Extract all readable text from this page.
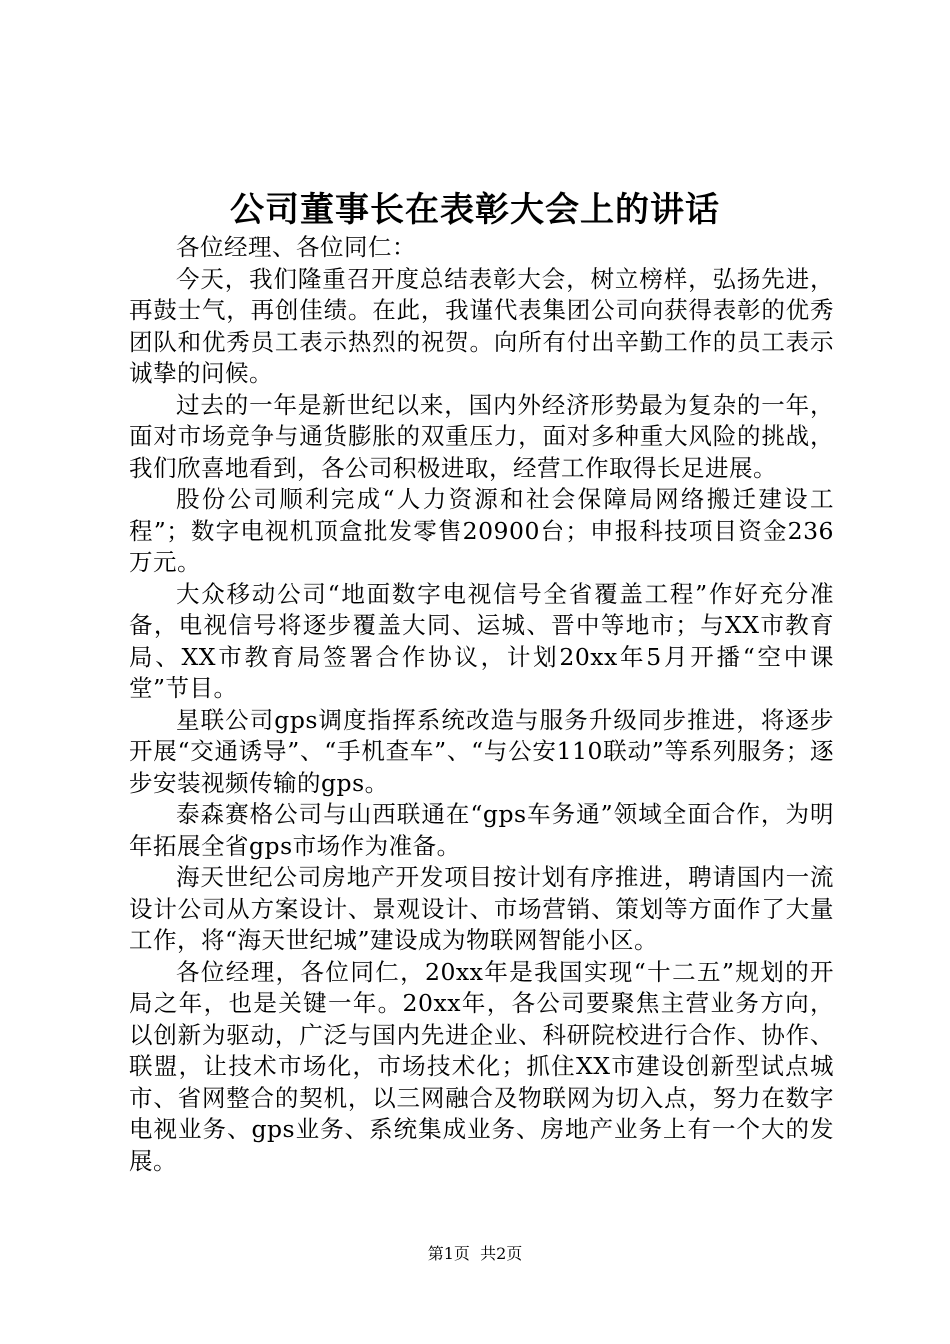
公司董事长在表彰大会上的讲话

各位经理、各位同仁：

今天，我们隆重召开度总结表彰大会，树立榜样，弘扬先进，再鼓士气，再创佳绩。在此，我谨代表集团公司向获得表彰的优秀团队和优秀员工表示热烈的祝贺。向所有付出辛勤工作的员工表示诚挚的问候。

过去的一年是新世纪以来，国内外经济形势最为复杂的一年，面对市场竞争与通货膨胀的双重压力，面对多种重大风险的挑战，我们欣喜地看到，各公司积极进取，经营工作取得长足进展。

股份公司顺利完成“人力资源和社会保障局网络搬迁建设工程”；数字电视机顶盒批发零售20900台；申报科技项目资金236万元。

大众移动公司“地面数字电视信号全省覆盖工程”作好充分准备，电视信号将逐步覆盖大同、运城、晋中等地市；与XX市教育局、XX市教育局签署合作协议，计划20xx年5月开播“空中课堂”节目。

星联公司gps调度指挥系统改造与服务升级同步推进，将逐步开展“交通诱导”、“手机查车”、“与公安110联动”等系列服务；逐步安装视频传输的gps。

泰森赛格公司与山西联通在“gps车务通”领域全面合作，为明年拓展全省gps市场作为准备。

海天世纪公司房地产开发项目按计划有序推进，聘请国内一流设计公司从方案设计、景观设计、市场营销、策划等方面作了大量工作，将“海天世纪城”建设成为物联网智能小区。

各位经理，各位同仁，20xx年是我国实现“十二五”规划的开局之年，也是关键一年。20xx年，各公司要聚焦主营业务方向，以创新为驱动，广泛与国内先进企业、科研院校进行合作、协作、联盟，让技术市场化，市场技术化；抓住XX市建设创新型试点城市、省网整合的契机，以三网融合及物联网为切入点，努力在数字电视业务、gps业务、系统集成业务、房地产业务上有一个大的发展。

第1页 共2页
